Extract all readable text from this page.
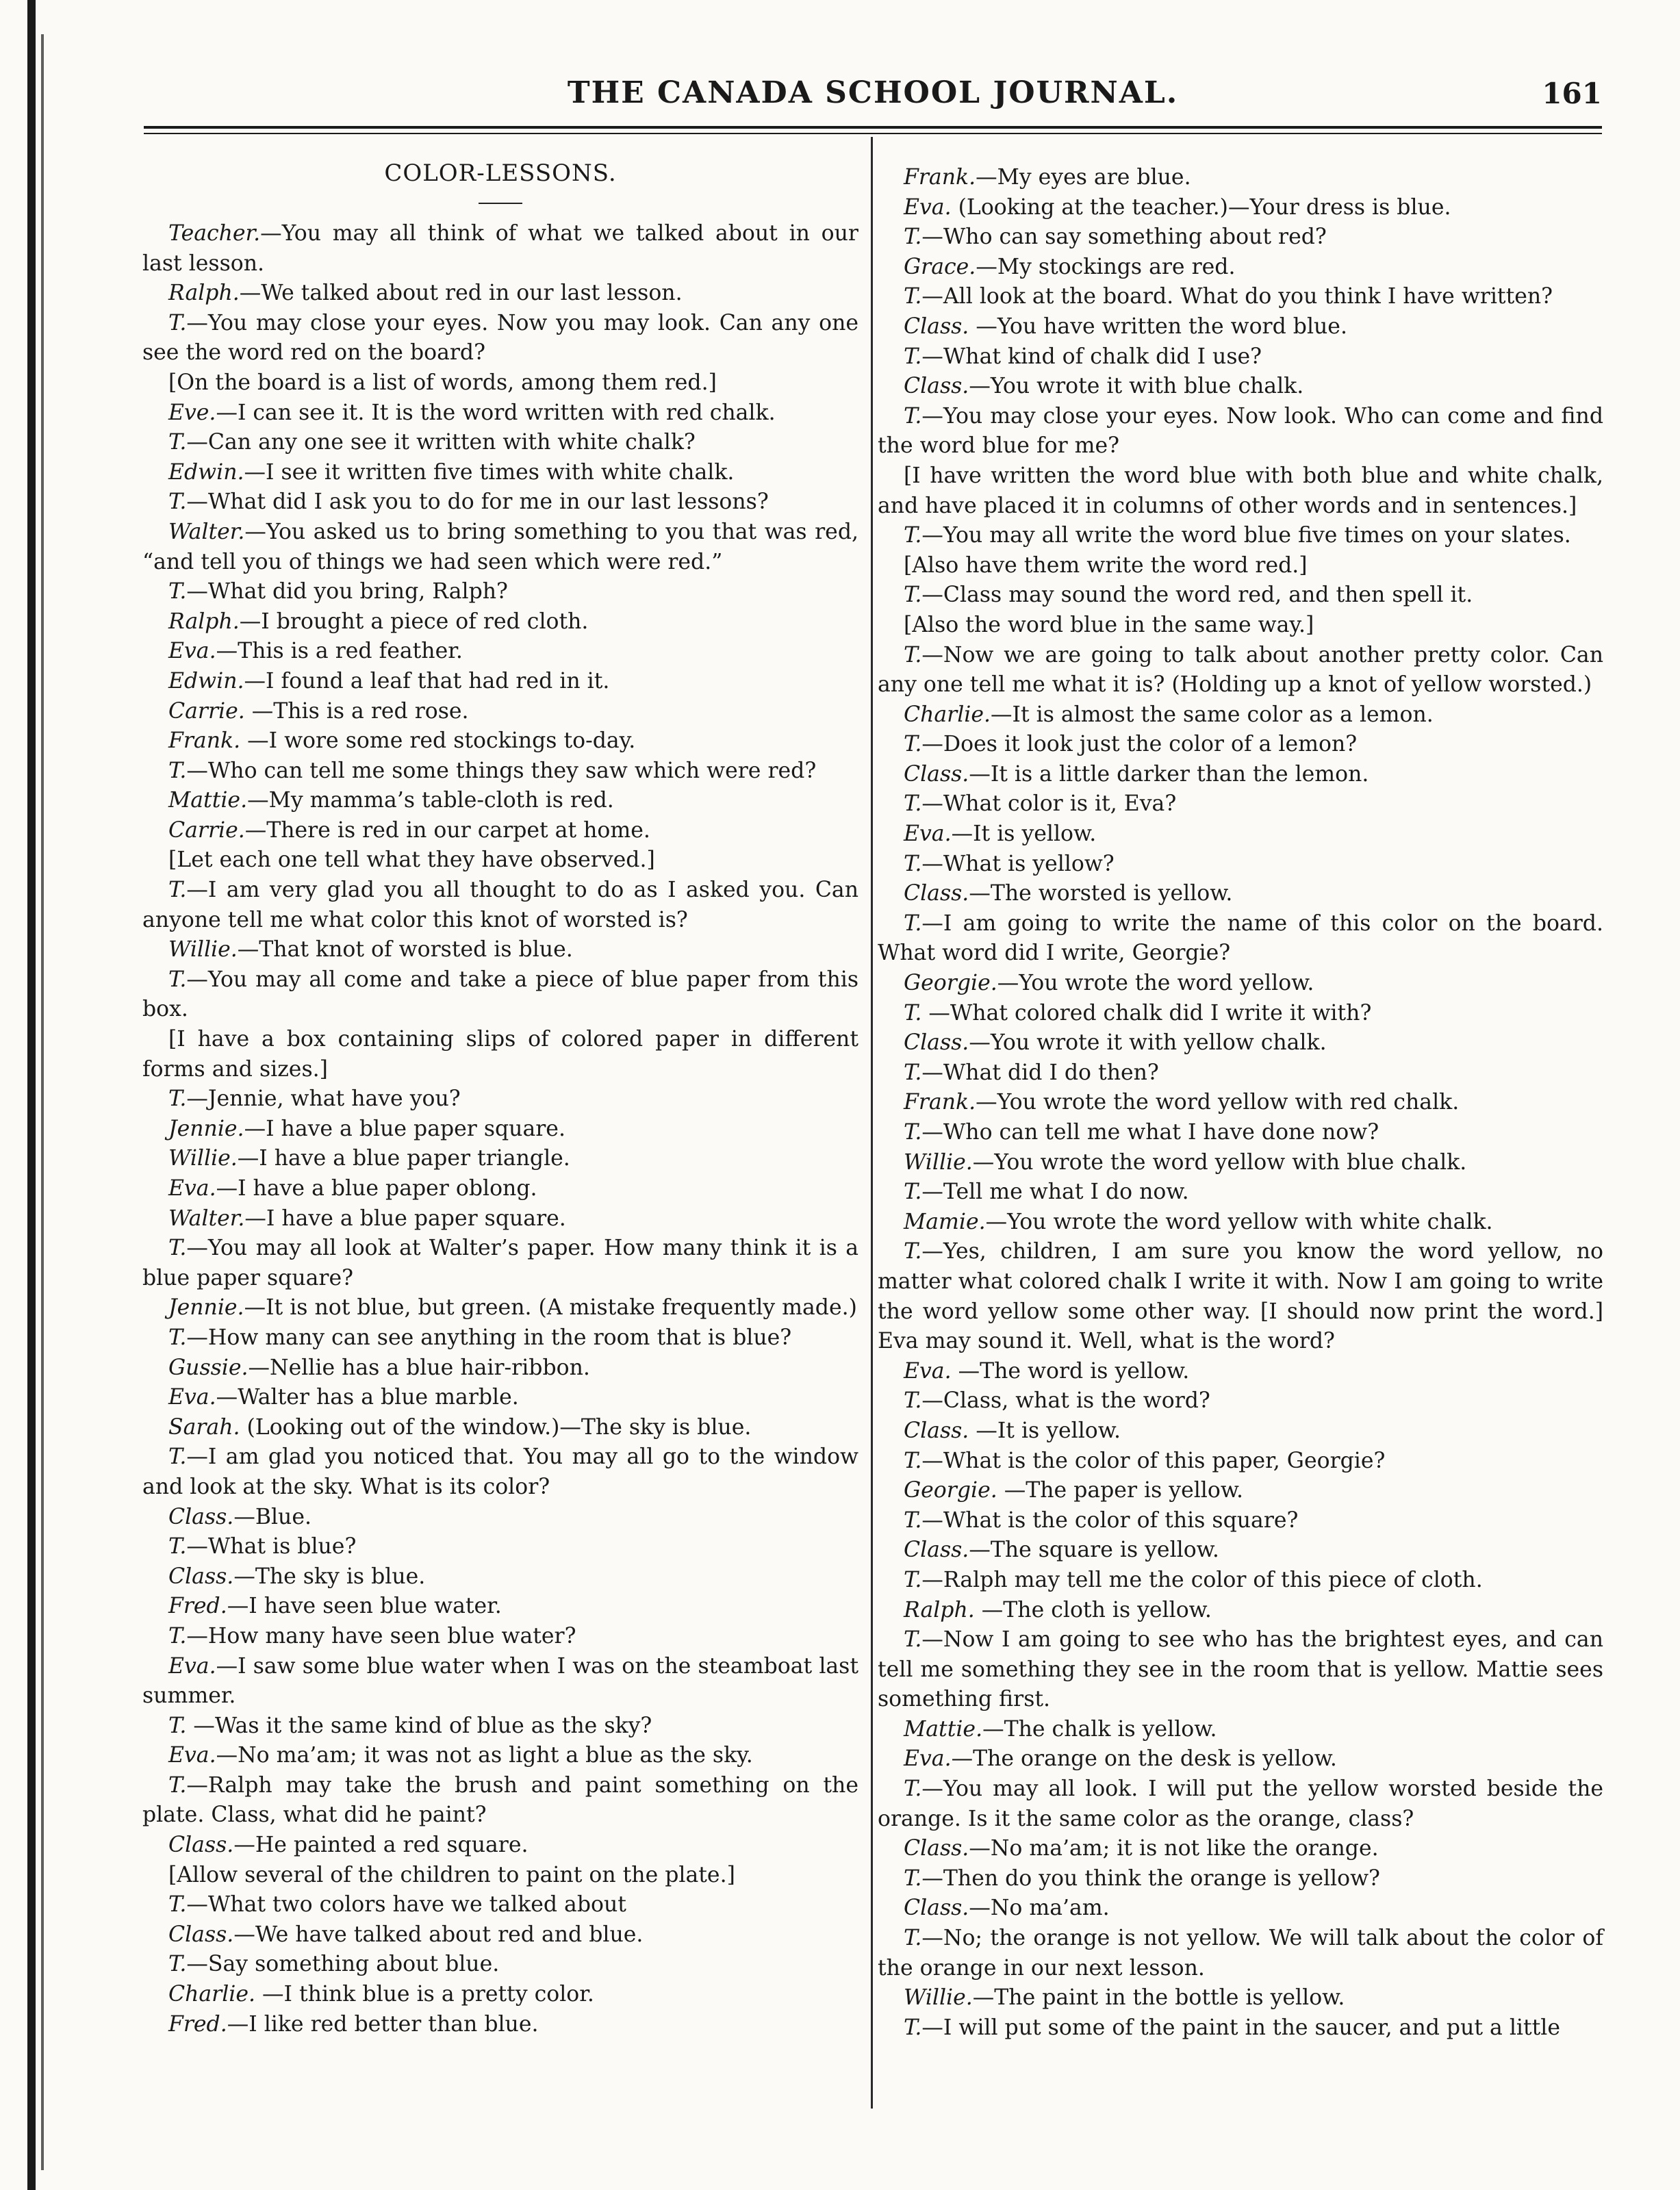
THE CANADA SCHOOL JOURNAL.	161
COLOR-LESSONS.

Teacher.—You may all think of what we talked about in our last lesson.

Ralph.—We talked about red in our last lesson.

T.—You may close your eyes. Now you may look. Can any one see the word red on the board?

[On the board is a list of words, among them red.]

Eve.—I can see it. It is the word written with red chalk.

T.—Can any one see it written with white chalk?

Edwin.—I see it written five times with white chalk.

T.—What did I ask you to do for me in our last lessons?

Walter.—You asked us to bring something to you that was red, “and tell you of things we had seen which were red.”

T.—What did you bring, Ralph?

Ralph.—I brought a piece of red cloth.

Eva.—This is a red feather.

Edwin.—I found a leaf that had red in it.

Carrie. —This is a red rose.

Frank. —I wore some red stockings to-day.

T.—Who can tell me some things they saw which were red?

Mattie.—My mamma’s table-cloth is red.

Carrie.—There is red in our carpet at home.

[Let each one tell what they have observed.]

T.—I am very glad you all thought to do as I asked you. Can anyone tell me what color this knot of worsted is?

Willie.—That knot of worsted is blue.

T.—You may all come and take a piece of blue paper from this box.

[I have a box containing slips of colored paper in different forms and sizes.]

T.—Jennie, what have you?

Jennie.—I have a blue paper square.

Willie.—I have a blue paper triangle.

Eva.—I have a blue paper oblong.

Walter.—I have a blue paper square.

T.—You may all look at Walter’s paper. How many think it is a blue paper square?

Jennie.—It is not blue, but green. (A mistake frequently made.)

T.—How many can see anything in the room that is blue?

Gussie.—Nellie has a blue hair-ribbon.

Eva.—Walter has a blue marble.

Sarah. (Looking out of the window.)—The sky is blue.

T.—I am glad you noticed that. You may all go to the window and look at the sky. What is its color?

Class.—Blue.

T.—What is blue?

Class.—The sky is blue.

Fred.—I have seen blue water.

T.—How many have seen blue water?

Eva.—I saw some blue water when I was on the steamboat last summer.

T. —Was it the same kind of blue as the sky?

Eva.—No ma’am; it was not as light a blue as the sky.

T.—Ralph may take the brush and paint something on the plate. Class, what did he paint?

Class.—He painted a red square.

[Allow several of the children to paint on the plate.]

T.—What two colors have we talked about

Class.—We have talked about red and blue.

T.—Say something about blue.

Charlie. —I think blue is a pretty color.

Fred.—I like red better than blue.

Frank.—My eyes are blue.

Eva. (Looking at the teacher.)—Your dress is blue.

T.—Who can say something about red?

Grace.—My stockings are red.

T.—All look at the board. What do you think I have written?

Class. —You have written the word blue.

T.—What kind of chalk did I use?

Class.—You wrote it with blue chalk.

T.—You may close your eyes. Now look. Who can come and find the word blue for me?

[I have written the word blue with both blue and white chalk, and have placed it in columns of other words and in sentences.]

T.—You may all write the word blue five times on your slates.

[Also have them write the word red.]

T.—Class may sound the word red, and then spell it.

[Also the word blue in the same way.]

T.—Now we are going to talk about another pretty color. Can any one tell me what it is? (Holding up a knot of yellow worsted.)

Charlie.—It is almost the same color as a lemon.

T.—Does it look just the color of a lemon?

Class.—It is a little darker than the lemon.

T.—What color is it, Eva?

Eva.—It is yellow.

T.—What is yellow?

Class.—The worsted is yellow.

T.—I am going to write the name of this color on the board. What word did I write, Georgie?

Georgie.—You wrote the word yellow.

T. —What colored chalk did I write it with?

Class.—You wrote it with yellow chalk.

T.—What did I do then?

Frank.—You wrote the word yellow with red chalk.

T.—Who can tell me what I have done now?

Willie.—You wrote the word yellow with blue chalk.

T.—Tell me what I do now.

Mamie.—You wrote the word yellow with white chalk.

T.—Yes, children, I am sure you know the word yellow, no matter what colored chalk I write it with. Now I am going to write the word yellow some other way. [I should now print the word.] Eva may sound it. Well, what is the word?

Eva. —The word is yellow.

T.—Class, what is the word?

Class. —It is yellow.

T.—What is the color of this paper, Georgie?

Georgie. —The paper is yellow.

T.—What is the color of this square?

Class.—The square is yellow.

T.—Ralph may tell me the color of this piece of cloth.

Ralph. —The cloth is yellow.

T.—Now I am going to see who has the brightest eyes, and can tell me something they see in the room that is yellow. Mattie sees something first.

Mattie.—The chalk is yellow.

Eva.—The orange on the desk is yellow.

T.—You may all look. I will put the yellow worsted beside the orange. Is it the same color as the orange, class?

Class.—No ma’am; it is not like the orange.

T.—Then do you think the orange is yellow?

Class.—No ma’am.

T.—No; the orange is not yellow. We will talk about the color of the orange in our next lesson.

Willie.—The paint in the bottle is yellow.

T.—I will put some of the paint in the saucer, and put a little
